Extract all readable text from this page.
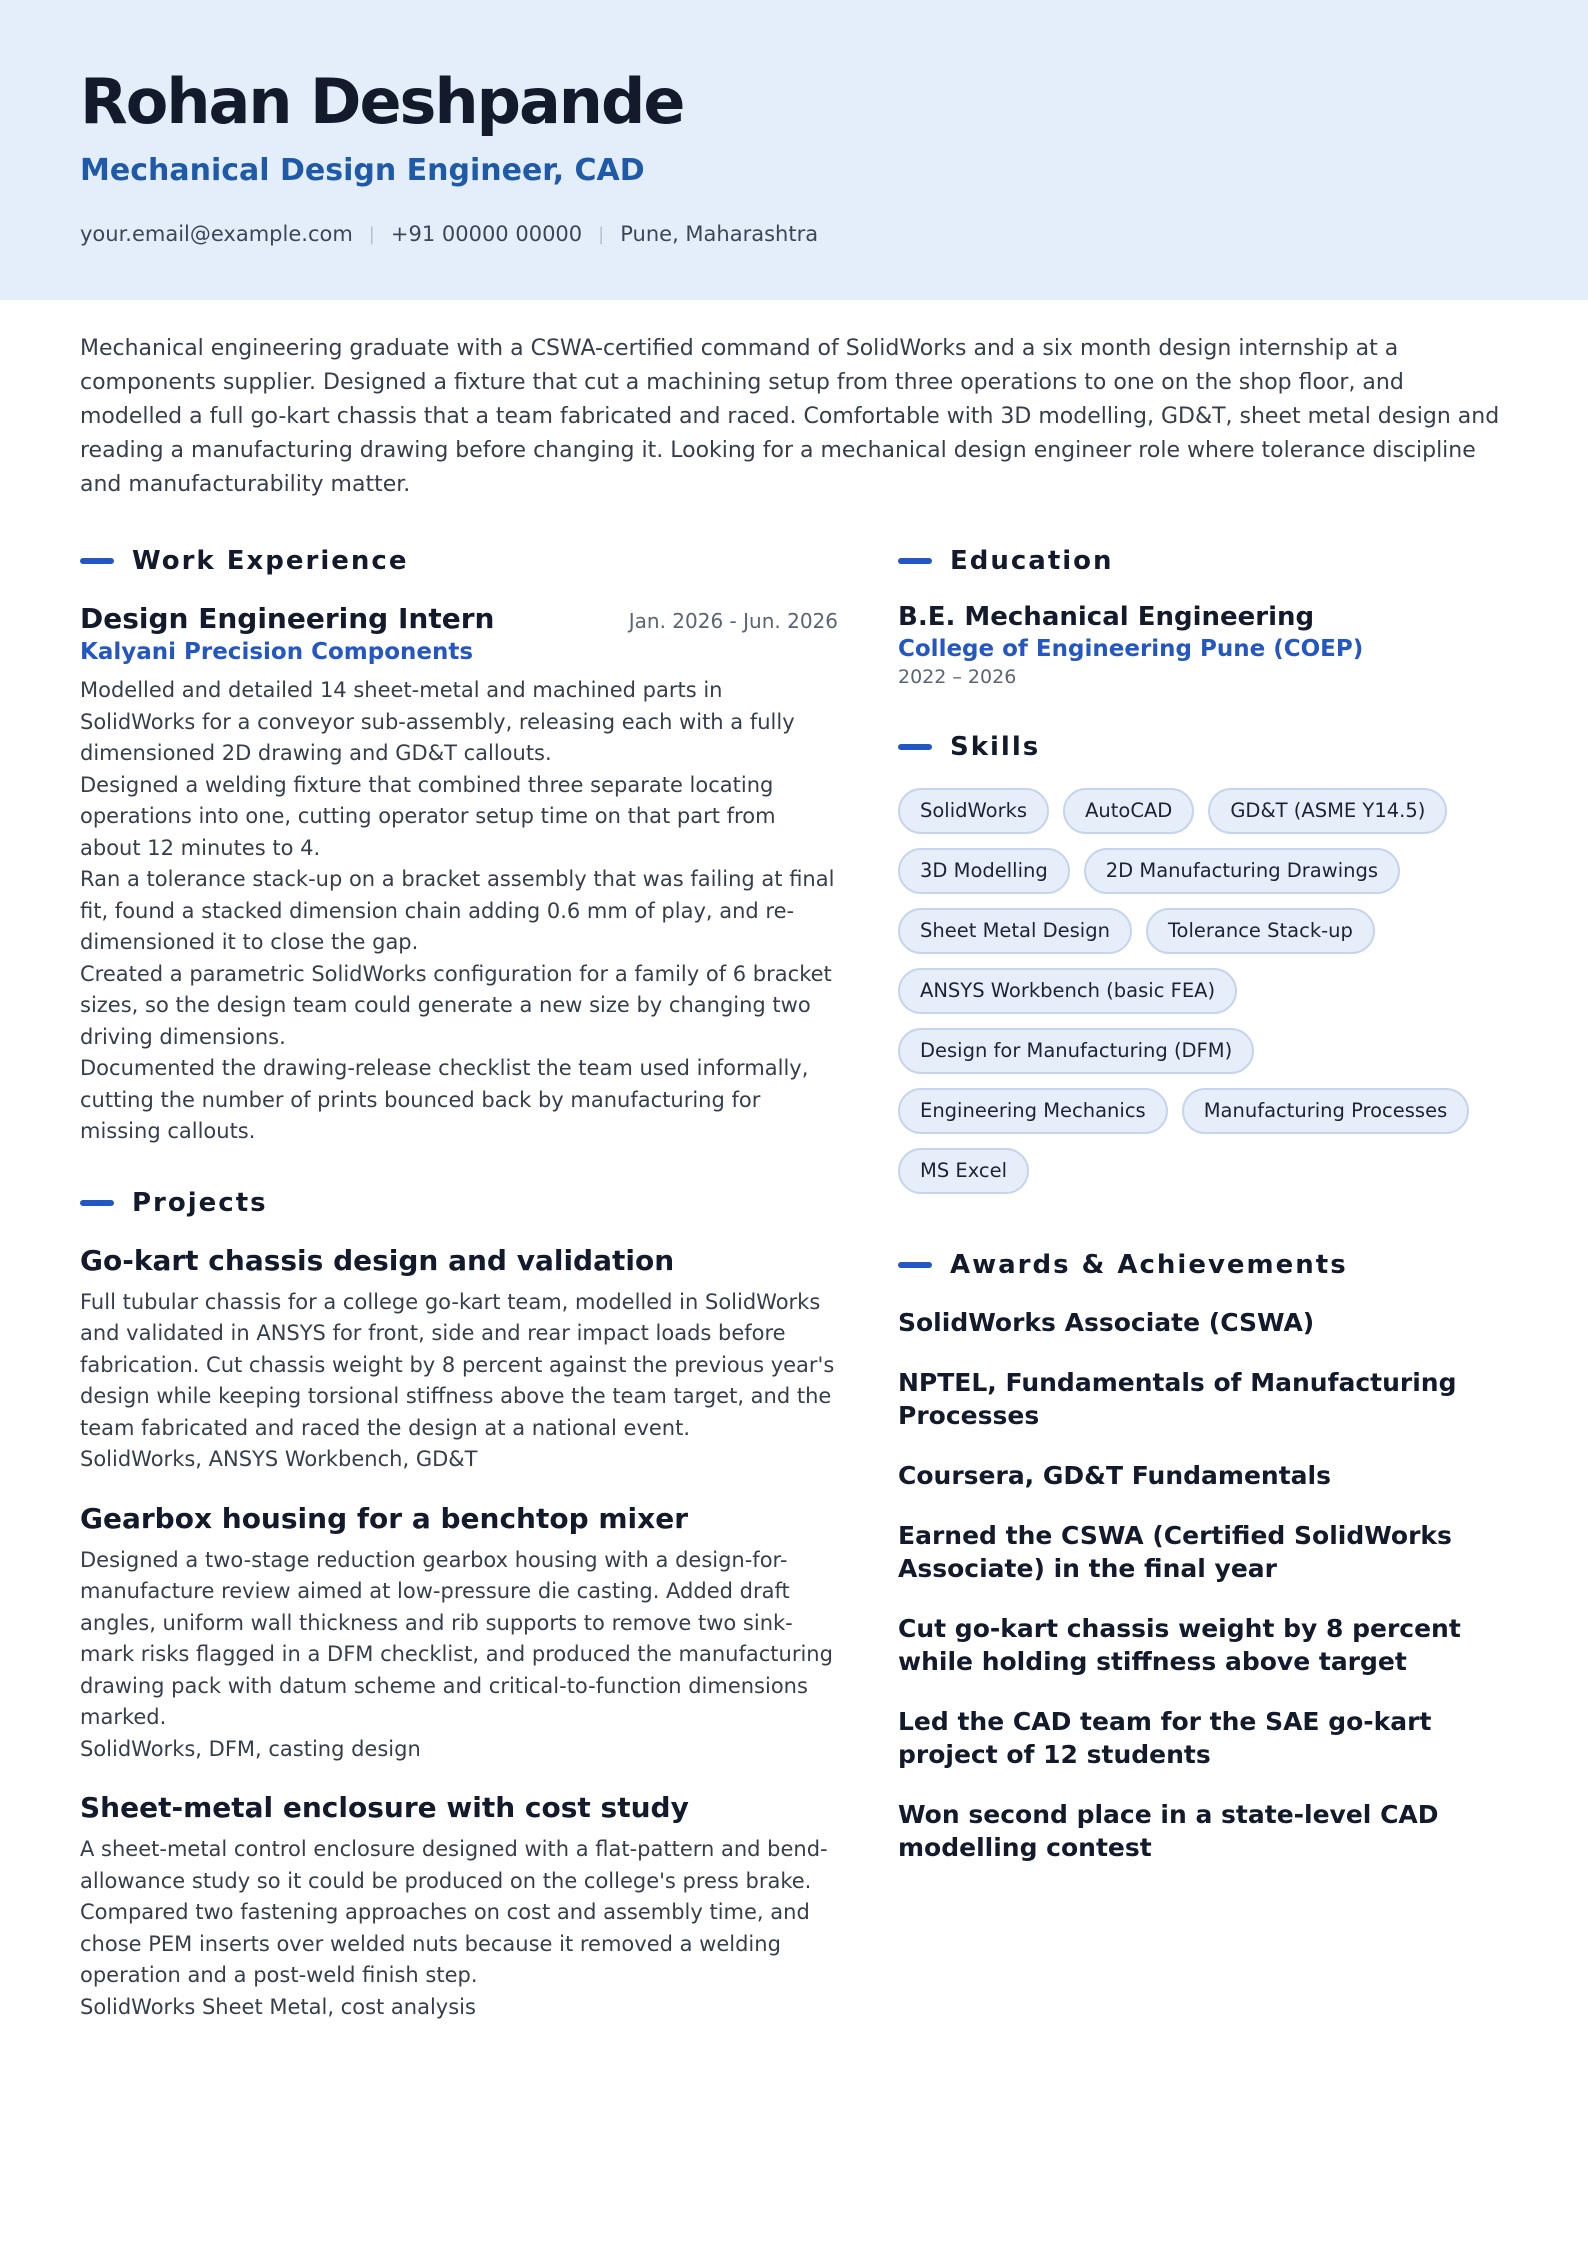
Rohan Deshpande
Mechanical Design Engineer, CAD
your.email@example.com | +91 00000 00000 | Pune, Maharashtra
Mechanical engineering graduate with a CSWA-certified command of SolidWorks and a six month design internship at a components supplier. Designed a fixture that cut a machining setup from three operations to one on the shop floor, and modelled a full go-kart chassis that a team fabricated and raced. Comfortable with 3D modelling, GD&T, sheet metal design and reading a manufacturing drawing before changing it. Looking for a mechanical design engineer role where tolerance discipline and manufacturability matter.
Work Experience
Design Engineering Intern	Jan. 2026 - Jun. 2026
Kalyani Precision Components
Modelled and detailed 14 sheet-metal and machined parts in SolidWorks for a conveyor sub-assembly, releasing each with a fully dimensioned 2D drawing and GD&T callouts.
Designed a welding fixture that combined three separate locating operations into one, cutting operator setup time on that part from about 12 minutes to 4.
Ran a tolerance stack-up on a bracket assembly that was failing at final fit, found a stacked dimension chain adding 0.6 mm of play, and re-dimensioned it to close the gap.
Created a parametric SolidWorks configuration for a family of 6 bracket sizes, so the design team could generate a new size by changing two driving dimensions.
Documented the drawing-release checklist the team used informally, cutting the number of prints bounced back by manufacturing for missing callouts.
Projects
Go-kart chassis design and validation
Full tubular chassis for a college go-kart team, modelled in SolidWorks and validated in ANSYS for front, side and rear impact loads before fabrication. Cut chassis weight by 8 percent against the previous year's design while keeping torsional stiffness above the team target, and the team fabricated and raced the design at a national event.
SolidWorks, ANSYS Workbench, GD&T
Gearbox housing for a benchtop mixer
Designed a two-stage reduction gearbox housing with a design-for-manufacture review aimed at low-pressure die casting. Added draft angles, uniform wall thickness and rib supports to remove two sink-mark risks flagged in a DFM checklist, and produced the manufacturing drawing pack with datum scheme and critical-to-function dimensions marked.
SolidWorks, DFM, casting design
Sheet-metal enclosure with cost study
A sheet-metal control enclosure designed with a flat-pattern and bend-allowance study so it could be produced on the college's press brake. Compared two fastening approaches on cost and assembly time, and chose PEM inserts over welded nuts because it removed a welding operation and a post-weld finish step.
SolidWorks Sheet Metal, cost analysis
Education
B.E. Mechanical Engineering
College of Engineering Pune (COEP)
2022 – 2026
Skills
SolidWorks	AutoCAD	GD&T (ASME Y14.5)
3D Modelling	2D Manufacturing Drawings
Sheet Metal Design	Tolerance Stack-up
ANSYS Workbench (basic FEA)
Design for Manufacturing (DFM)
Engineering Mechanics	Manufacturing Processes
MS Excel
Awards & Achievements
SolidWorks Associate (CSWA)
NPTEL, Fundamentals of Manufacturing Processes
Coursera, GD&T Fundamentals
Earned the CSWA (Certified SolidWorks Associate) in the final year
Cut go-kart chassis weight by 8 percent while holding stiffness above target
Led the CAD team for the SAE go-kart project of 12 students
Won second place in a state-level CAD modelling contest
